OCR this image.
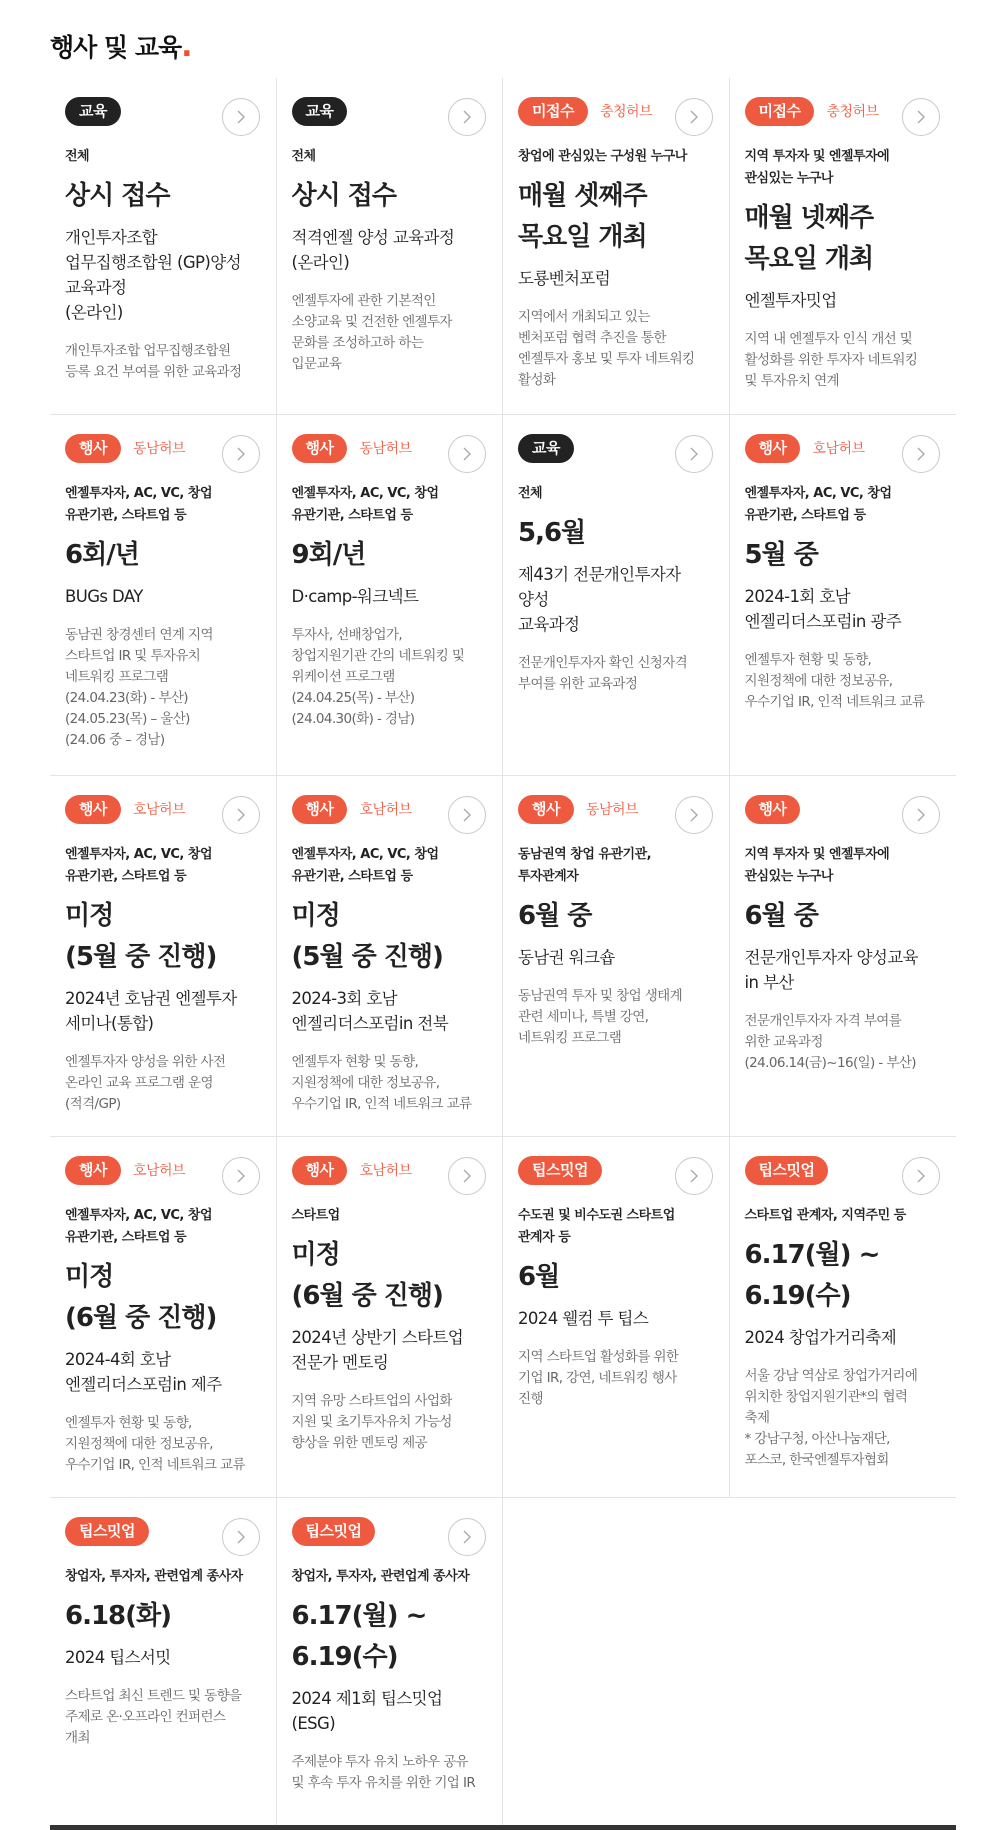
행사 및 교육.
교육
전체
상시 접수
개인투자조합
업무집행조합원 (GP)양성
교육과정
(온라인)
개인투자조합 업무집행조합원
등록 요건 부여를 위한 교육과정
교육
전체
상시 접수
적격엔젤 양성 교육과정
(온라인)
엔젤투자에 관한 기본적인
소양교육 및 건전한 엔젤투자
문화를 조성하고하 하는
입문교육
미접수	충청허브
창업에 관심있는 구성원 누구나
매월 셋째주
목요일 개최
도룡벤처포럼
지역에서 개최되고 있는
벤처포럼 협력 추진을 통한
엔젤투자 홍보 및 투자 네트워킹
활성화
미접수	충청허브
지역 투자자 및 엔젤투자에
관심있는 누구나
매월 넷째주
목요일 개최
엔젤투자밋업
지역 내 엔젤투자 인식 개선 및
활성화를 위한 투자자 네트워킹
및 투자유치 연계
행사	동남허브
엔젤투자자, AC, VC, 창업
유관기관, 스타트업 등
6회/년
BUGs DAY
동남권 창경센터 연계 지역
스타트업 IR 및 투자유치
네트워킹 프로그램
(24.04.23(화) - 부산)
(24.05.23(목) – 울산)
(24.06 중 – 경남)
행사	동남허브
엔젤투자자, AC, VC, 창업
유관기관, 스타트업 등
9회/년
D·camp-워크넥트
투자사, 선배창업가,
창업지원기관 간의 네트워킹 및
위케이션 프로그램
(24.04.25(목) - 부산)
(24.04.30(화) - 경남)
교육
전체
5,6월
제43기 전문개인투자자
양성
교육과정
전문개인투자자 확인 신청자격
부여를 위한 교육과정
행사	호남허브
엔젤투자자, AC, VC, 창업
유관기관, 스타트업 등
5월 중
2024-1회 호남
엔젤리더스포럼in 광주
엔젤투자 현황 및 동향,
지원정책에 대한 정보공유,
우수기업 IR, 인적 네트워크 교류
행사	호남허브
엔젤투자자, AC, VC, 창업
유관기관, 스타트업 등
미정
(5월 중 진행)
2024년 호남권 엔젤투자
세미나(통합)
엔젤투자자 양성을 위한 사전
온라인 교육 프로그램 운영
(적격/GP)
행사	호남허브
엔젤투자자, AC, VC, 창업
유관기관, 스타트업 등
미정
(5월 중 진행)
2024-3회 호남
엔젤리더스포럼in 전북
엔젤투자 현황 및 동향,
지원정책에 대한 정보공유,
우수기업 IR, 인적 네트워크 교류
행사	동남허브
동남권역 창업 유관기관,
투자관계자
6월 중
동남권 워크숍
동남권역 투자 및 창업 생태계
관련 세미나, 특별 강연,
네트워킹 프로그램
행사
지역 투자자 및 엔젤투자에
관심있는 누구나
6월 중
전문개인투자자 양성교육
in 부산
전문개인투자자 자격 부여를
위한 교육과정
(24.06.14(금)~16(일) - 부산)
행사	호남허브
엔젤투자자, AC, VC, 창업
유관기관, 스타트업 등
미정
(6월 중 진행)
2024-4회 호남
엔젤리더스포럼in 제주
엔젤투자 현황 및 동향,
지원정책에 대한 정보공유,
우수기업 IR, 인적 네트워크 교류
행사	호남허브
스타트업
미정
(6월 중 진행)
2024년 상반기 스타트업
전문가 멘토링
지역 유망 스타트업의 사업화
지원 및 초기투자유치 가능성
향상을 위한 멘토링 제공
팁스밋업
수도권 및 비수도권 스타트업
관계자 등
6월
2024 웰컴 투 팁스
지역 스타트업 활성화를 위한
기업 IR, 강연, 네트워킹 행사
진행
팁스밋업
스타트업 관계자, 지역주민 등
6.17(월) ~
6.19(수)
2024 창업가거리축제
서울 강남 역삼로 창업가거리에
위치한 창업지원기관*의 협력
축제
* 강남구청, 아산나눔재단,
포스코, 한국엔젤투자협회
팁스밋업
창업자, 투자자, 관련업계 종사자
6.18(화)
2024 팁스서밋
스타트업 최신 트렌드 및 동향을
주제로 온·오프라인 컨퍼런스
개최
팁스밋업
창업자, 투자자, 관련업계 종사자
6.17(월) ~
6.19(수)
2024 제1회 팁스밋업
(ESG)
주제분야 투자 유치 노하우 공유
및 후속 투자 유치를 위한 기업 IR
